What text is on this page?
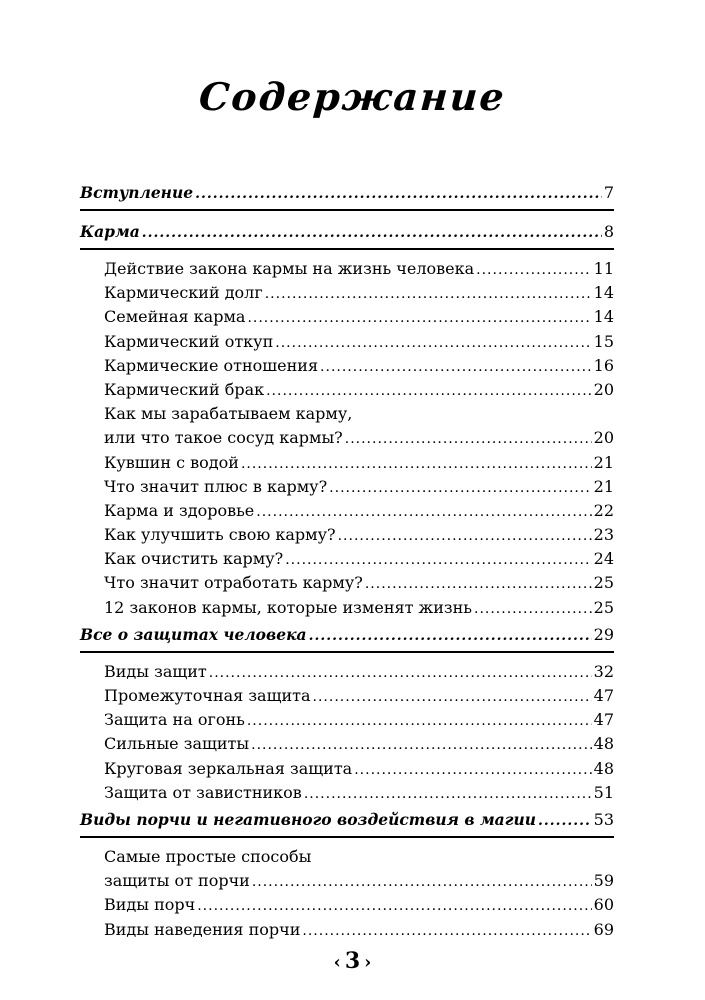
Содержание
Вступление .....	7
Карма .....	8
Действие закона кармы на жизнь человека .....	11
Кармический долг .....	14
Семейная карма .....	14
Кармический откуп .....	15
Кармические отношения .....	16
Кармический брак .....	20
Как мы зарабатываем карму,
или что такое сосуд кармы? .....	20
Кувшин с водой .....	21
Что значит плюс в карму? .....	21
Карма и здоровье .....	22
Как улучшить свою карму? .....	23
Как очистить карму? .....	24
Что значит отработать карму? .....	25
12 законов кармы, которые изменят жизнь .....	25
Все о защитах человека .....	29
Виды защит .....	32
Промежуточная защита .....	47
Защита на огонь .....	47
Сильные защиты .....	48
Круговая зеркальная защита .....	48
Защита от завистников .....	51
Виды порчи и негативного воздействия в магии .....	53
Самые простые способы
защиты от порчи .....	59
Виды порч .....	60
Виды наведения порчи .....	69
‹ 3 ›
